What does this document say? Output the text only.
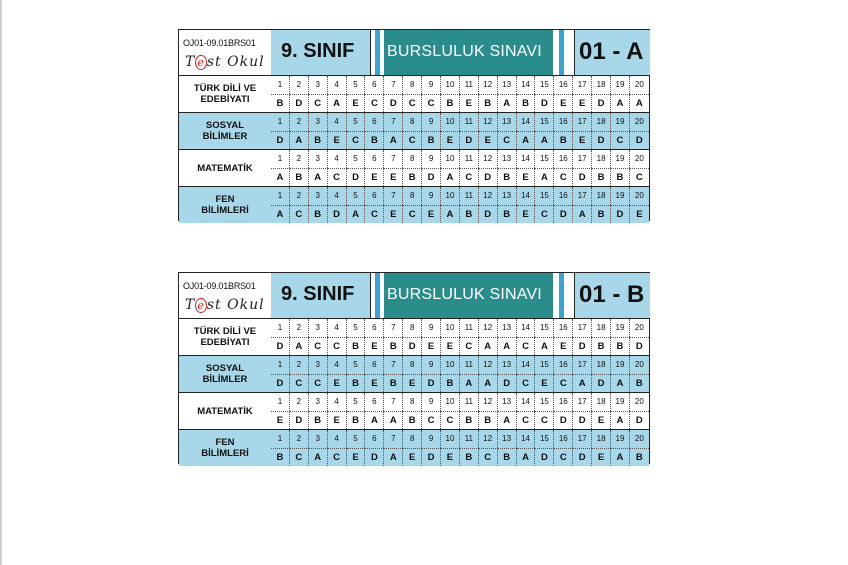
OJ01-09.01BRS01
T e st Okul 9. SINIF BURSLULUK SINAVI 01 - A
TÜRK DİLİ VE
EDEBİYATI
1	2	3	4	5	6	7	8	9	10	11	12	13	14	15	16	17	18	19	20
B	D	C	A	E	C	D	C	C	B	E	B	A	B	D	E	E	D	A	A
SOSYAL
BİLİMLER
1	2	3	4	5	6	7	8	9	10	11	12	13	14	15	16	17	18	19	20
D	A	B	E	C	B	A	C	B	E	D	E	C	A	A	B	E	D	C	D
MATEMATİK
1	2	3	4	5	6	7	8	9	10	11	12	13	14	15	16	17	18	19	20
A	B	A	C	D	E	E	B	D	A	C	D	B	E	A	C	D	B	B	C
FEN
BİLİMLERİ
1	2	3	4	5	6	7	8	9	10	11	12	13	14	15	16	17	18	19	20
A	C	B	D	A	C	E	C	E	A	B	D	B	E	C	D	A	B	D	E
OJ01-09.01BRS01
T e st Okul 9. SINIF BURSLULUK SINAVI 01 - B
TÜRK DİLİ VE
EDEBİYATI
1	2	3	4	5	6	7	8	9	10	11	12	13	14	15	16	17	18	19	20
D	A	C	C	B	E	B	D	E	E	C	A	A	C	A	E	D	B	B	D
SOSYAL
BİLİMLER
1	2	3	4	5	6	7	8	9	10	11	12	13	14	15	16	17	18	19	20
D	C	C	E	B	E	B	E	D	B	A	A	D	C	E	C	A	D	A	B
MATEMATİK
1	2	3	4	5	6	7	8	9	10	11	12	13	14	15	16	17	18	19	20
E	D	B	E	B	A	A	B	C	C	B	B	A	C	C	D	D	E	A	D
FEN
BİLİMLERİ
1	2	3	4	5	6	7	8	9	10	11	12	13	14	15	16	17	18	19	20
B	C	A	C	E	D	A	E	D	E	B	C	B	A	D	C	D	E	A	B
